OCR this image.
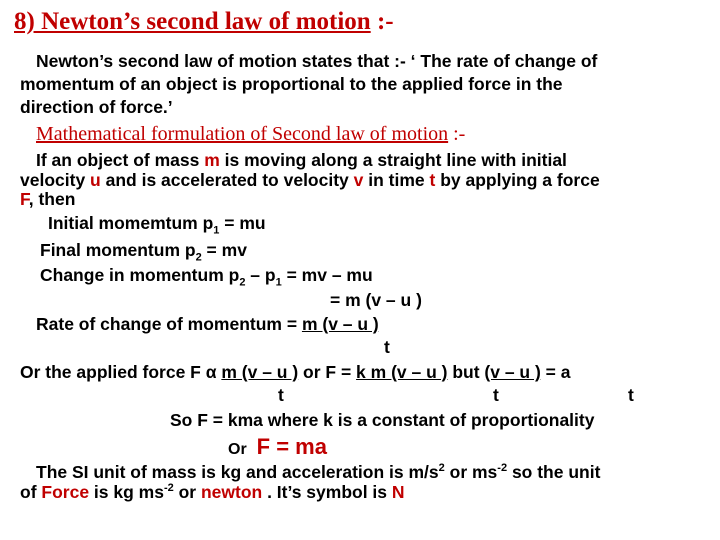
8) Newton’s second law of motion :-
Newton’s second law of motion states that :- ‘ The rate of change of
momentum of an object is proportional to the applied force in the
direction of force.’
Mathematical formulation of Second law of motion :-
If an object of mass m is moving along a straight line with initial
velocity u and is accelerated to velocity v in time t by applying a force
F, then
Initial momemtum $p_1$ = mu
Final momentum $p_2$ = mv
Change in momentum $p_2 - p_1$ = mv – mu
= m (v – u )
Rate of change of momentum = m (v – u )
t
Or the applied force F α m (v – u ) or F = k m (v – u ) but (v – u ) = a
t	t	t
So F = kma where k is a constant of proportionality
Or F = ma
The SI unit of mass is kg and acceleration is $m/s^2$ or $ms^{-2}$ so the unit
of Force is kg $ms^{-2}$ or newton . It’s symbol is N
